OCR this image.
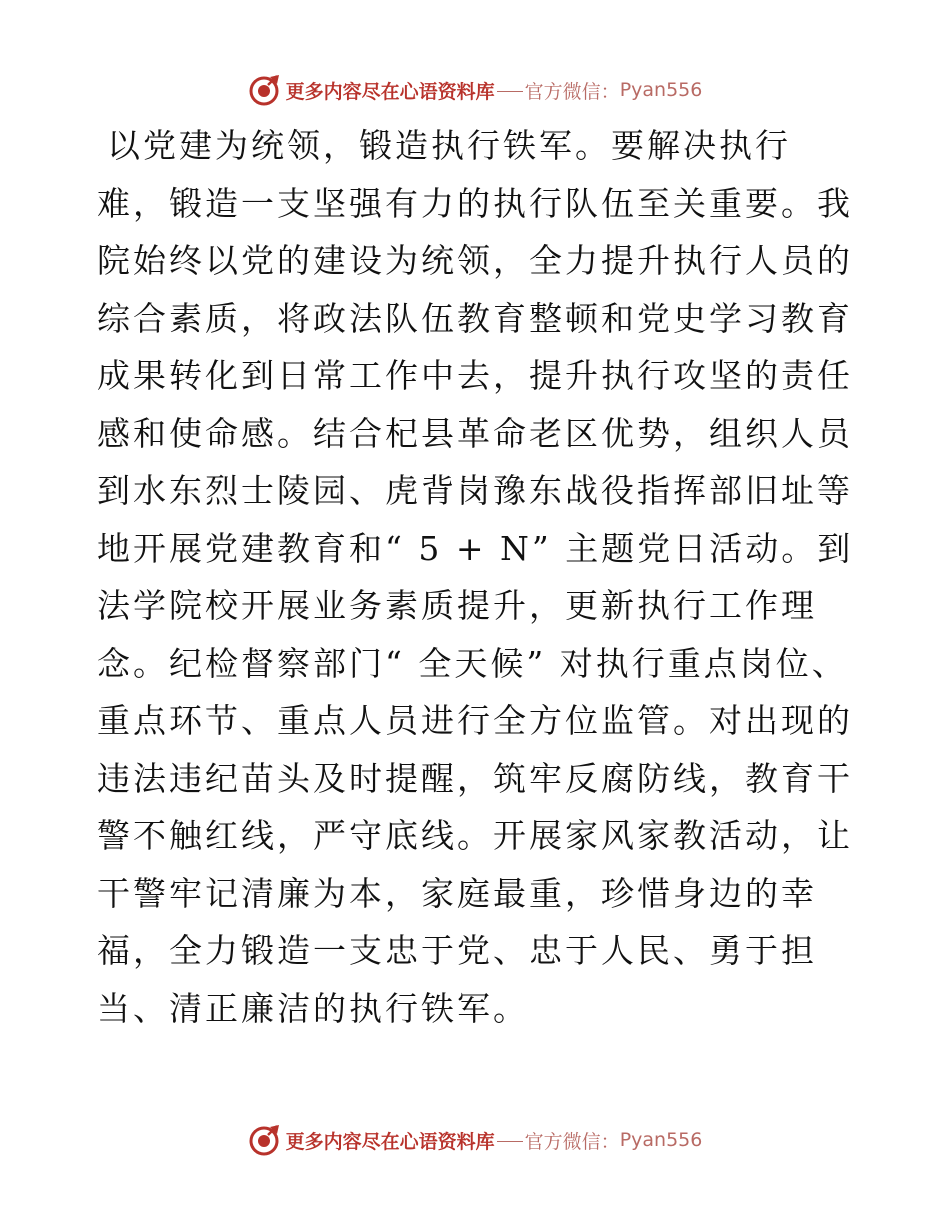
更多内容尽在心语资料库 官方微信： Pyan556

以党建为统领，锻造执行铁军。要解决执行难，锻造一支坚强有力的执行队伍至关重要。我院始终以党的建设为统领，全力提升执行人员的综合素质，将政法队伍教育整顿和党史学习教育成果转化到日常工作中去，提升执行攻坚的责任感和使命感。结合杞县革命老区优势，组织人员到水东烈士陵园、虎背岗豫东战役指挥部旧址等地开展党建教育和“ 5 + N” 主题党日活动。到法学院校开展业务素质提升，更新执行工作理念。纪检督察部门“ 全天候” 对执行重点岗位、重点环节、重点人员进行全方位监管。对出现的违法违纪苗头及时提醒，筑牢反腐防线，教育干警不触红线，严守底线。开展家风家教活动，让干警牢记清廉为本，家庭最重，珍惜身边的幸福，全力锻造一支忠于党、忠于人民、勇于担当、清正廉洁的执行铁军。

更多内容尽在心语资料库 官方微信： Pyan556
